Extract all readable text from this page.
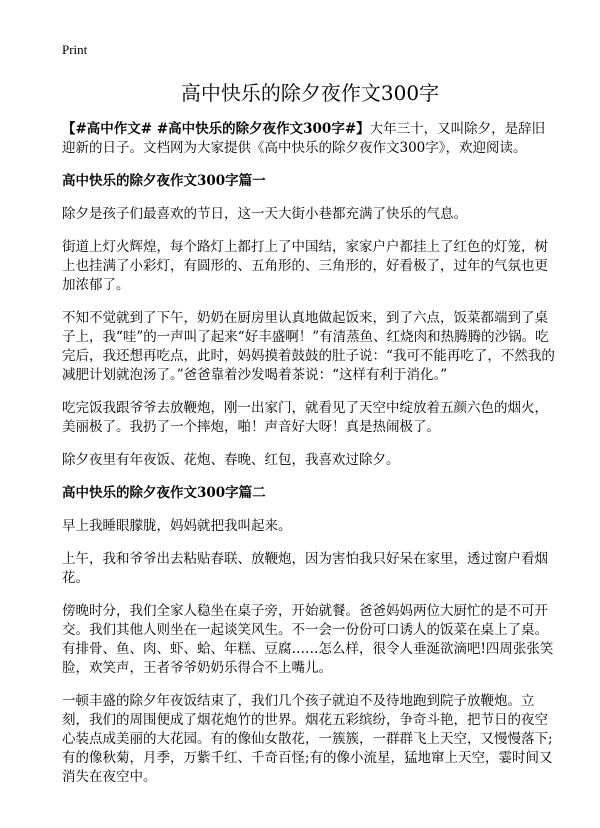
Print
高中快乐的除夕夜作文300字

【#高中作文# #高中快乐的除夕夜作文300字#】大年三十，又叫除夕，是辞旧迎新的日子。文档网为大家提供《高中快乐的除夕夜作文300字》，欢迎阅读。

高中快乐的除夕夜作文300字篇一

除夕是孩子们最喜欢的节日，这一天大街小巷都充满了快乐的气息。

街道上灯火辉煌，每个路灯上都打上了中国结，家家户户都挂上了红色的灯笼，树上也挂满了小彩灯，有圆形的、五角形的、三角形的，好看极了，过年的气氛也更加浓郁了。

不知不觉就到了下午，奶奶在厨房里认真地做起饭来，到了六点，饭菜都端到了桌子上，我“哇”的一声叫了起来“好丰盛啊！”有清蒸鱼、红烧肉和热腾腾的沙锅。吃完后，我还想再吃点，此时，妈妈摸着鼓鼓的肚子说：“我可不能再吃了，不然我的减肥计划就泡汤了。”爸爸靠着沙发喝着茶说：“这样有利于消化。”

吃完饭我跟爷爷去放鞭炮，刚一出家门，就看见了天空中绽放着五颜六色的烟火，美丽极了。我扔了一个摔炮，啪！声音好大呀！真是热闹极了。

除夕夜里有年夜饭、花炮、春晚、红包，我喜欢过除夕。

高中快乐的除夕夜作文300字篇二

早上我睡眼朦胧，妈妈就把我叫起来。

上午，我和爷爷出去粘贴春联、放鞭炮，因为害怕我只好呆在家里，透过窗户看烟花。

傍晚时分，我们全家人稳坐在桌子旁，开始就餐。爸爸妈妈两位大厨忙的是不可开交。我们其他人则坐在一起谈笑风生。不一会一份份可口诱人的饭菜在桌上了桌。有排骨、鱼、肉、虾、蛤、年糕、豆腐……怎么样，很令人垂涎欲滴吧!四周张张笑脸，欢笑声，王者爷爷奶奶乐得合不上嘴儿。

一顿丰盛的除夕年夜饭结束了，我们几个孩子就迫不及待地跑到院子放鞭炮。立刻，我们的周围便成了烟花炮竹的世界。烟花五彩缤纷，争奇斗艳，把节日的夜空心装点成美丽的大花园。有的像仙女散花，一簇簇，一群群飞上天空，又慢慢落下;有的像秋菊，月季，万紫千红、千奇百怪;有的像小流星，猛地窜上天空，霎时间又消失在夜空中。
